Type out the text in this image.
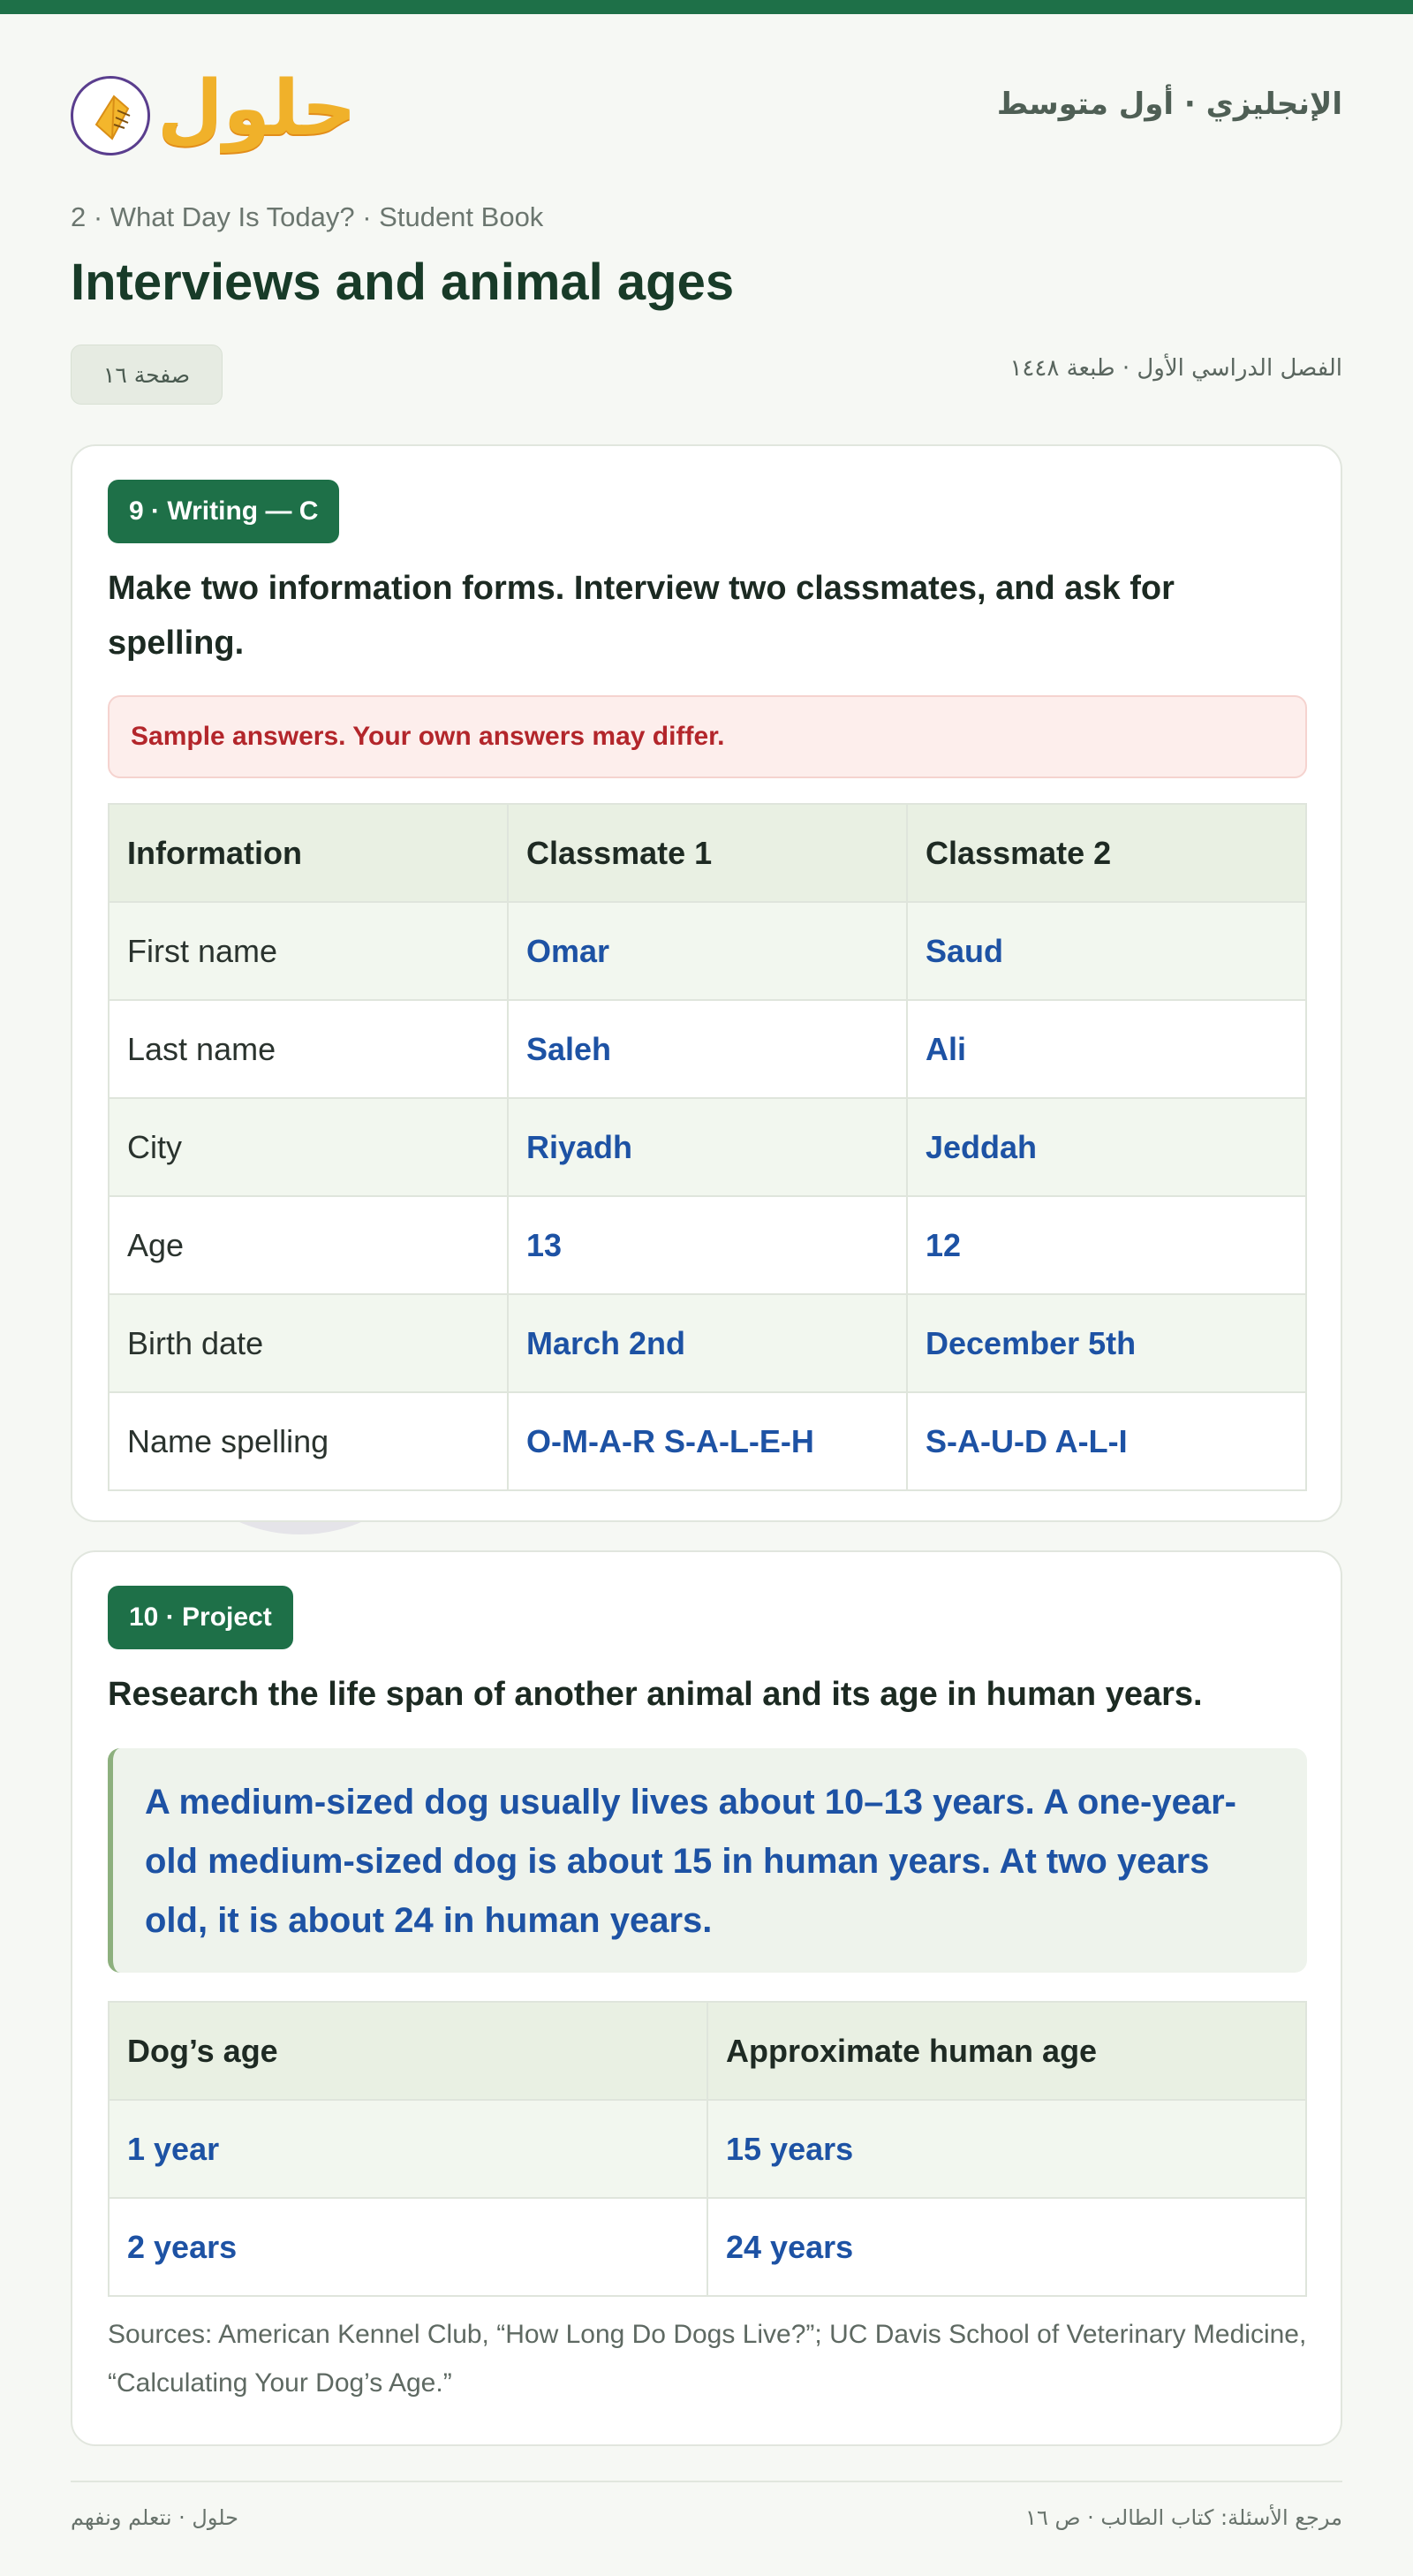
حلول	الإنجليزي · أول متوسط
2 · What Day Is Today? · Student Book
Interviews and animal ages
صفحة ١٦	الفصل الدراسي الأول · طبعة ١٤٤٨
9 · Writing — C
Make two information forms. Interview two classmates, and ask for spelling.
Sample answers. Your own answers may differ.
Information	Classmate 1	Classmate 2
First name	Omar	Saud
Last name	Saleh	Ali
City	Riyadh	Jeddah
Age	13	12
Birth date	March 2nd	December 5th
Name spelling	O-M-A-R S-A-L-E-H	S-A-U-D A-L-I
10 · Project
Research the life span of another animal and its age in human years.
A medium-sized dog usually lives about 10–13 years. A one-year-old medium-sized dog is about 15 in human years. At two years old, it is about 24 in human years.
Dog’s age	Approximate human age
1 year	15 years
2 years	24 years
Sources: American Kennel Club, “How Long Do Dogs Live?”; UC Davis School of Veterinary Medicine, “Calculating Your Dog’s Age.”
حلول · نتعلم ونفهم	مرجع الأسئلة: كتاب الطالب · ص ١٦
